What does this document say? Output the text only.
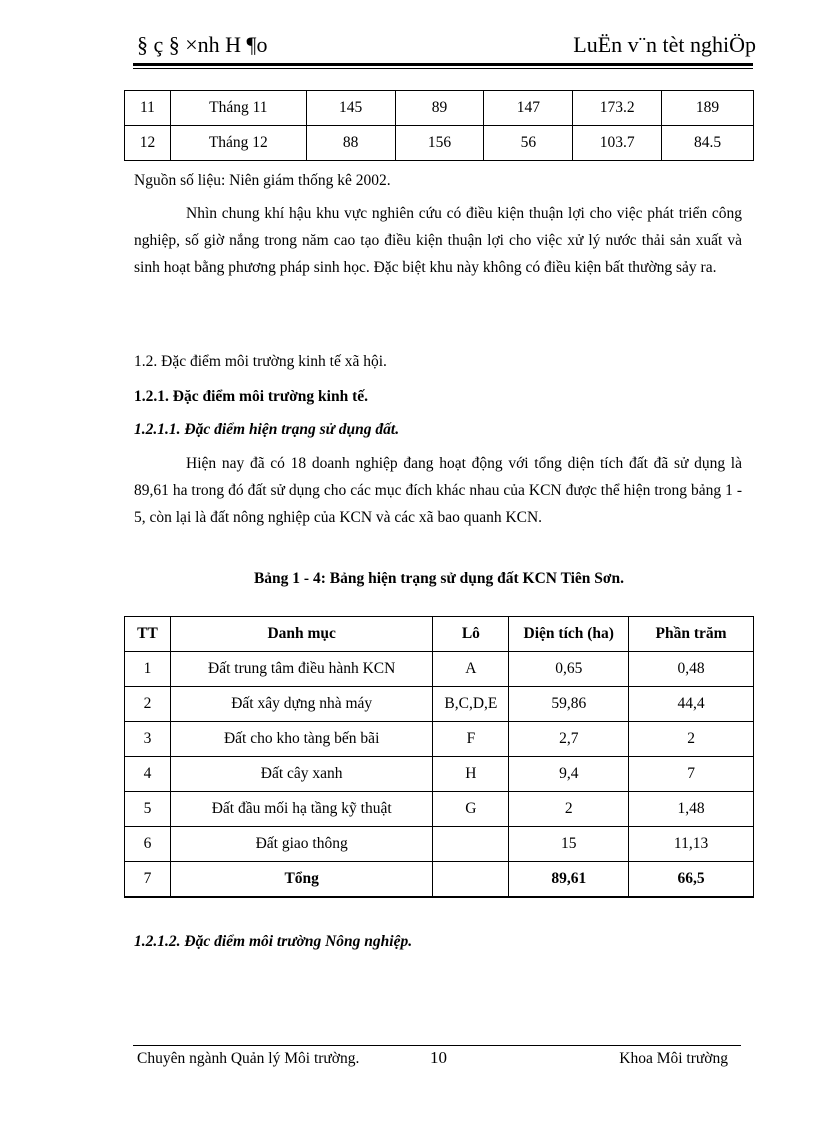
§ ç § ×nh H ¶o	LuËn v¨n tèt nghiÖp
11	Tháng 11	145	89	147	173.2	189
12	Tháng 12	88	156	56	103.7	84.5
Nguồn số liệu: Niên giám thống kê 2002.

Nhìn chung khí hậu khu vực nghiên cứu có điều kiện thuận lợi cho việc phát triển công nghiệp, số giờ nắng trong năm cao tạo điều kiện thuận lợi cho việc xử lý nước thải sản xuất và sinh hoạt bằng phương pháp sinh học. Đặc biệt khu này không có điều kiện bất thường sảy ra.

1.2. Đặc điểm môi trường kinh tế xã hội.
1.2.1. Đặc điểm môi trường kinh tế.
1.2.1.1. Đặc điểm hiện trạng sử dụng đất.

Hiện nay đã có 18 doanh nghiệp đang hoạt động với tổng diện tích đất đã sử dụng là 89,61 ha trong đó đất sử dụng cho các mục đích khác nhau của KCN được thể hiện trong bảng 1 - 5, còn lại là đất nông nghiệp của KCN và các xã bao quanh KCN.

Bảng 1 - 4: Bảng hiện trạng sử dụng đất KCN Tiên Sơn.
TT	Danh mục	Lô	Diện tích (ha)	Phần trăm
1	Đất trung tâm điều hành KCN	A	0,65	0,48
2	Đất xây dựng nhà máy	B,C,D,E	59,86	44,4
3	Đất cho kho tàng bến bãi	F	2,7	2
4	Đất cây xanh	H	9,4	7
5	Đất đầu mối hạ tầng kỹ thuật	G	2	1,48
6	Đất giao thông		15	11,13
7	Tổng		89,61	66,5
1.2.1.2. Đặc điểm môi trường Nông nghiệp.
Chuyên ngành Quản lý Môi trường.	10	Khoa Môi trường
